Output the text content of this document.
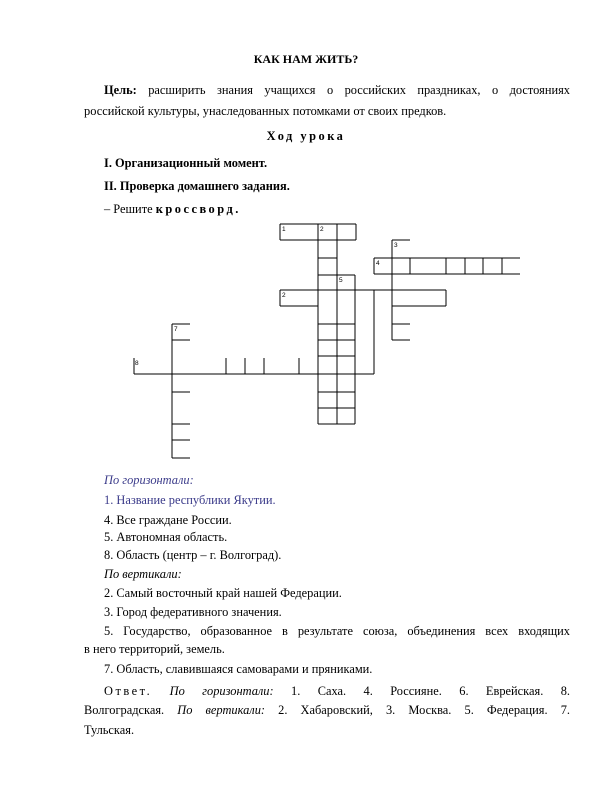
КАК НАМ ЖИТЬ?
Цель: расширить знания учащихся о российских праздниках, о достояниях
российской культуры, унаследованных потомками от своих предков.
Ход урока
I. Организационный момент.
II. Проверка домашнего задания.
– Решите кроссворд.
1	2
3
4
5
2
7
8
По горизонтали:
1. Название республики Якутии.
4. Все граждане России.
5. Автономная область.
8. Область (центр – г. Волгоград).
По вертикали:
2. Самый восточный край нашей Федерации.
3. Город федеративного значения.
5. Государство, образованное в результате союза, объединения всех входящих
в него территорий, земель.
7. Область, славившаяся самоварами и пряниками.
Ответ. По горизонтали: 1. Саха. 4. Россияне. 6. Еврейская. 8.
Волгоградская. По вертикали: 2. Хабаровский, 3. Москва. 5. Федерация. 7.
Тульская.
